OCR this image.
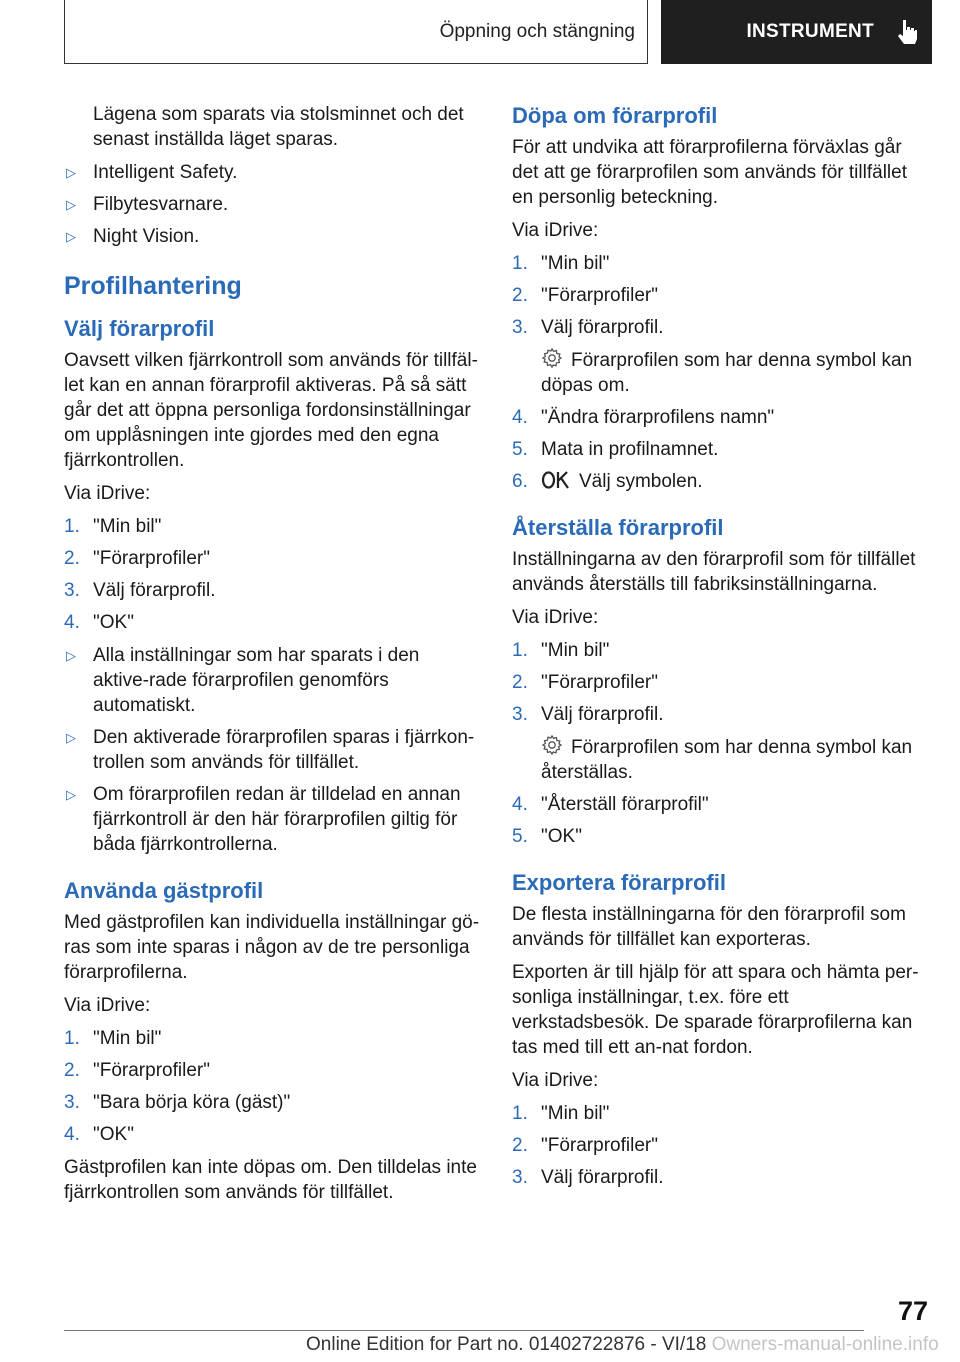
Öppning och stängning	INSTRUMENT

Lägena som sparats via stolsminnet och det senast inställda läget sparas.

▷ Intelligent Safety.
▷ Filbytesvarnare.
▷ Night Vision.
Profilhantering
Välj förarprofil

Oavsett vilken fjärrkontroll som används för tillfäl-let kan en annan förarprofil aktiveras. På så sätt går det att öppna personliga fordonsinställningar om upplåsningen inte gjordes med den egna fjärrkontrollen.

Via iDrive:

1. "Min bil"
2. "Förarprofiler"
3. Välj förarprofil.
4. "OK"
▷ Alla inställningar som har sparats i den aktive-rade förarprofilen genomförs automatiskt.
▷ Den aktiverade förarprofilen sparas i fjärrkon-trollen som används för tillfället.
▷ Om förarprofilen redan är tilldelad en annan fjärrkontroll är den här förarprofilen giltig för båda fjärrkontrollerna.
Använda gästprofil

Med gästprofilen kan individuella inställningar gö-ras som inte sparas i någon av de tre personliga förarprofilerna.

Via iDrive:

1. "Min bil"
2. "Förarprofiler"
3. "Bara börja köra (gäst)"
4. "OK"

Gästprofilen kan inte döpas om. Den tilldelas inte fjärrkontrollen som används för tillfället.

Döpa om förarprofil

För att undvika att förarprofilerna förväxlas går det att ge förarprofilen som används för tillfället en personlig beteckning.

Via iDrive:

1. "Min bil"
2. "Förarprofiler"
3. Välj förarprofil.
Förarprofilen som har denna symbol kan döpas om.
4. "Ändra förarprofilens namn"
5. Mata in profilnamnet.
6.	Välj symbolen.
Återställa förarprofil

Inställningarna av den förarprofil som för tillfället används återställs till fabriksinställningarna.

Via iDrive:

1. "Min bil"
2. "Förarprofiler"
3. Välj förarprofil.
Förarprofilen som har denna symbol kan återställas.
4. "Återställ förarprofil"
5. "OK"
Exportera förarprofil

De flesta inställningarna för den förarprofil som används för tillfället kan exporteras.

Exporten är till hjälp för att spara och hämta per-sonliga inställningar, t.ex. före ett verkstadsbesök. De sparade förarprofilerna kan tas med till ett an-nat fordon.

Via iDrive:

1. "Min bil"
2. "Förarprofiler"
3. Välj förarprofil.
77
Online Edition for Part no. 01402722876 - VI/18 Owners-manual-online.info
